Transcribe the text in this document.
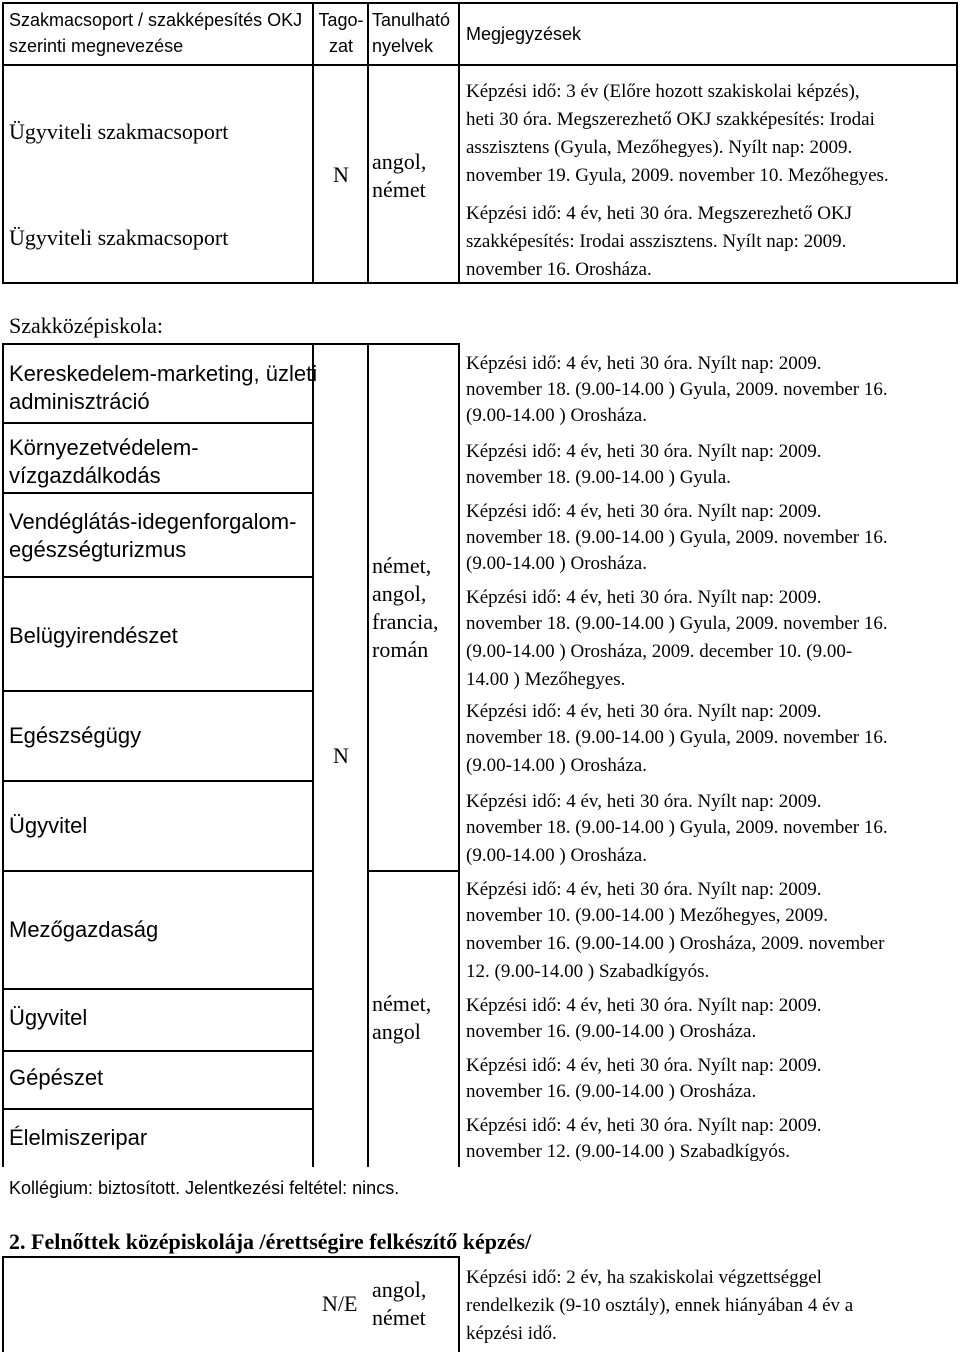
Szakmacsoport / szakképesítés OKJ
szerinti megnevezése
Tago-
zat
Tanulható
nyelvek
Megjegyzések
Ügyviteli szakmacsoport
Ügyviteli szakmacsoport
N
angol,
német
Képzési idő: 3 év (Előre hozott szakiskolai képzés),
heti 30 óra. Megszerezhető OKJ szakképesítés: Irodai
asszisztens (Gyula, Mezőhegyes). Nyílt nap: 2009.
november 19. Gyula, 2009. november 10. Mezőhegyes.
Képzési idő: 4 év, heti 30 óra. Megszerezhető OKJ
szakképesítés: Irodai asszisztens. Nyílt nap: 2009.
november 16. Orosháza.
Szakközépiskola:
Kereskedelem-marketing, üzleti
adminisztráció
Környezetvédelem-
vízgazdálkodás
Vendéglátás-idegenforgalom-
egészségturizmus
Belügyirendészet
Egészségügy
Ügyvitel
Mezőgazdaság
Ügyvitel
Gépészet
Élelmiszeripar
N
német,
angol,
francia,
román
német,
angol
Képzési idő: 4 év, heti 30 óra. Nyílt nap: 2009.
november 18. (9.00-14.00 ) Gyula, 2009. november 16.
(9.00-14.00 ) Orosháza.
Képzési idő: 4 év, heti 30 óra. Nyílt nap: 2009.
november 18. (9.00-14.00 ) Gyula.
Képzési idő: 4 év, heti 30 óra. Nyílt nap: 2009.
november 18. (9.00-14.00 ) Gyula, 2009. november 16.
(9.00-14.00 ) Orosháza.
Képzési idő: 4 év, heti 30 óra. Nyílt nap: 2009.
november 18. (9.00-14.00 ) Gyula, 2009. november 16.
(9.00-14.00 ) Orosháza, 2009. december 10. (9.00-
14.00 ) Mezőhegyes.
Képzési idő: 4 év, heti 30 óra. Nyílt nap: 2009.
november 18. (9.00-14.00 ) Gyula, 2009. november 16.
(9.00-14.00 ) Orosháza.
Képzési idő: 4 év, heti 30 óra. Nyílt nap: 2009.
november 18. (9.00-14.00 ) Gyula, 2009. november 16.
(9.00-14.00 ) Orosháza.
Képzési idő: 4 év, heti 30 óra. Nyílt nap: 2009.
november 10. (9.00-14.00 ) Mezőhegyes, 2009.
november 16. (9.00-14.00 ) Orosháza, 2009. november
12. (9.00-14.00 ) Szabadkígyós.
Képzési idő: 4 év, heti 30 óra. Nyílt nap: 2009.
november 16. (9.00-14.00 ) Orosháza.
Képzési idő: 4 év, heti 30 óra. Nyílt nap: 2009.
november 16. (9.00-14.00 ) Orosháza.
Képzési idő: 4 év, heti 30 óra. Nyílt nap: 2009.
november 12. (9.00-14.00 ) Szabadkígyós.
Kollégium: biztosított. Jelentkezési feltétel: nincs.
2. Felnőttek középiskolája /érettségire felkészítő képzés/
N/E
angol,
német
Képzési idő: 2 év, ha szakiskolai végzettséggel
rendelkezik (9-10 osztály), ennek hiányában 4 év a
képzési idő.
